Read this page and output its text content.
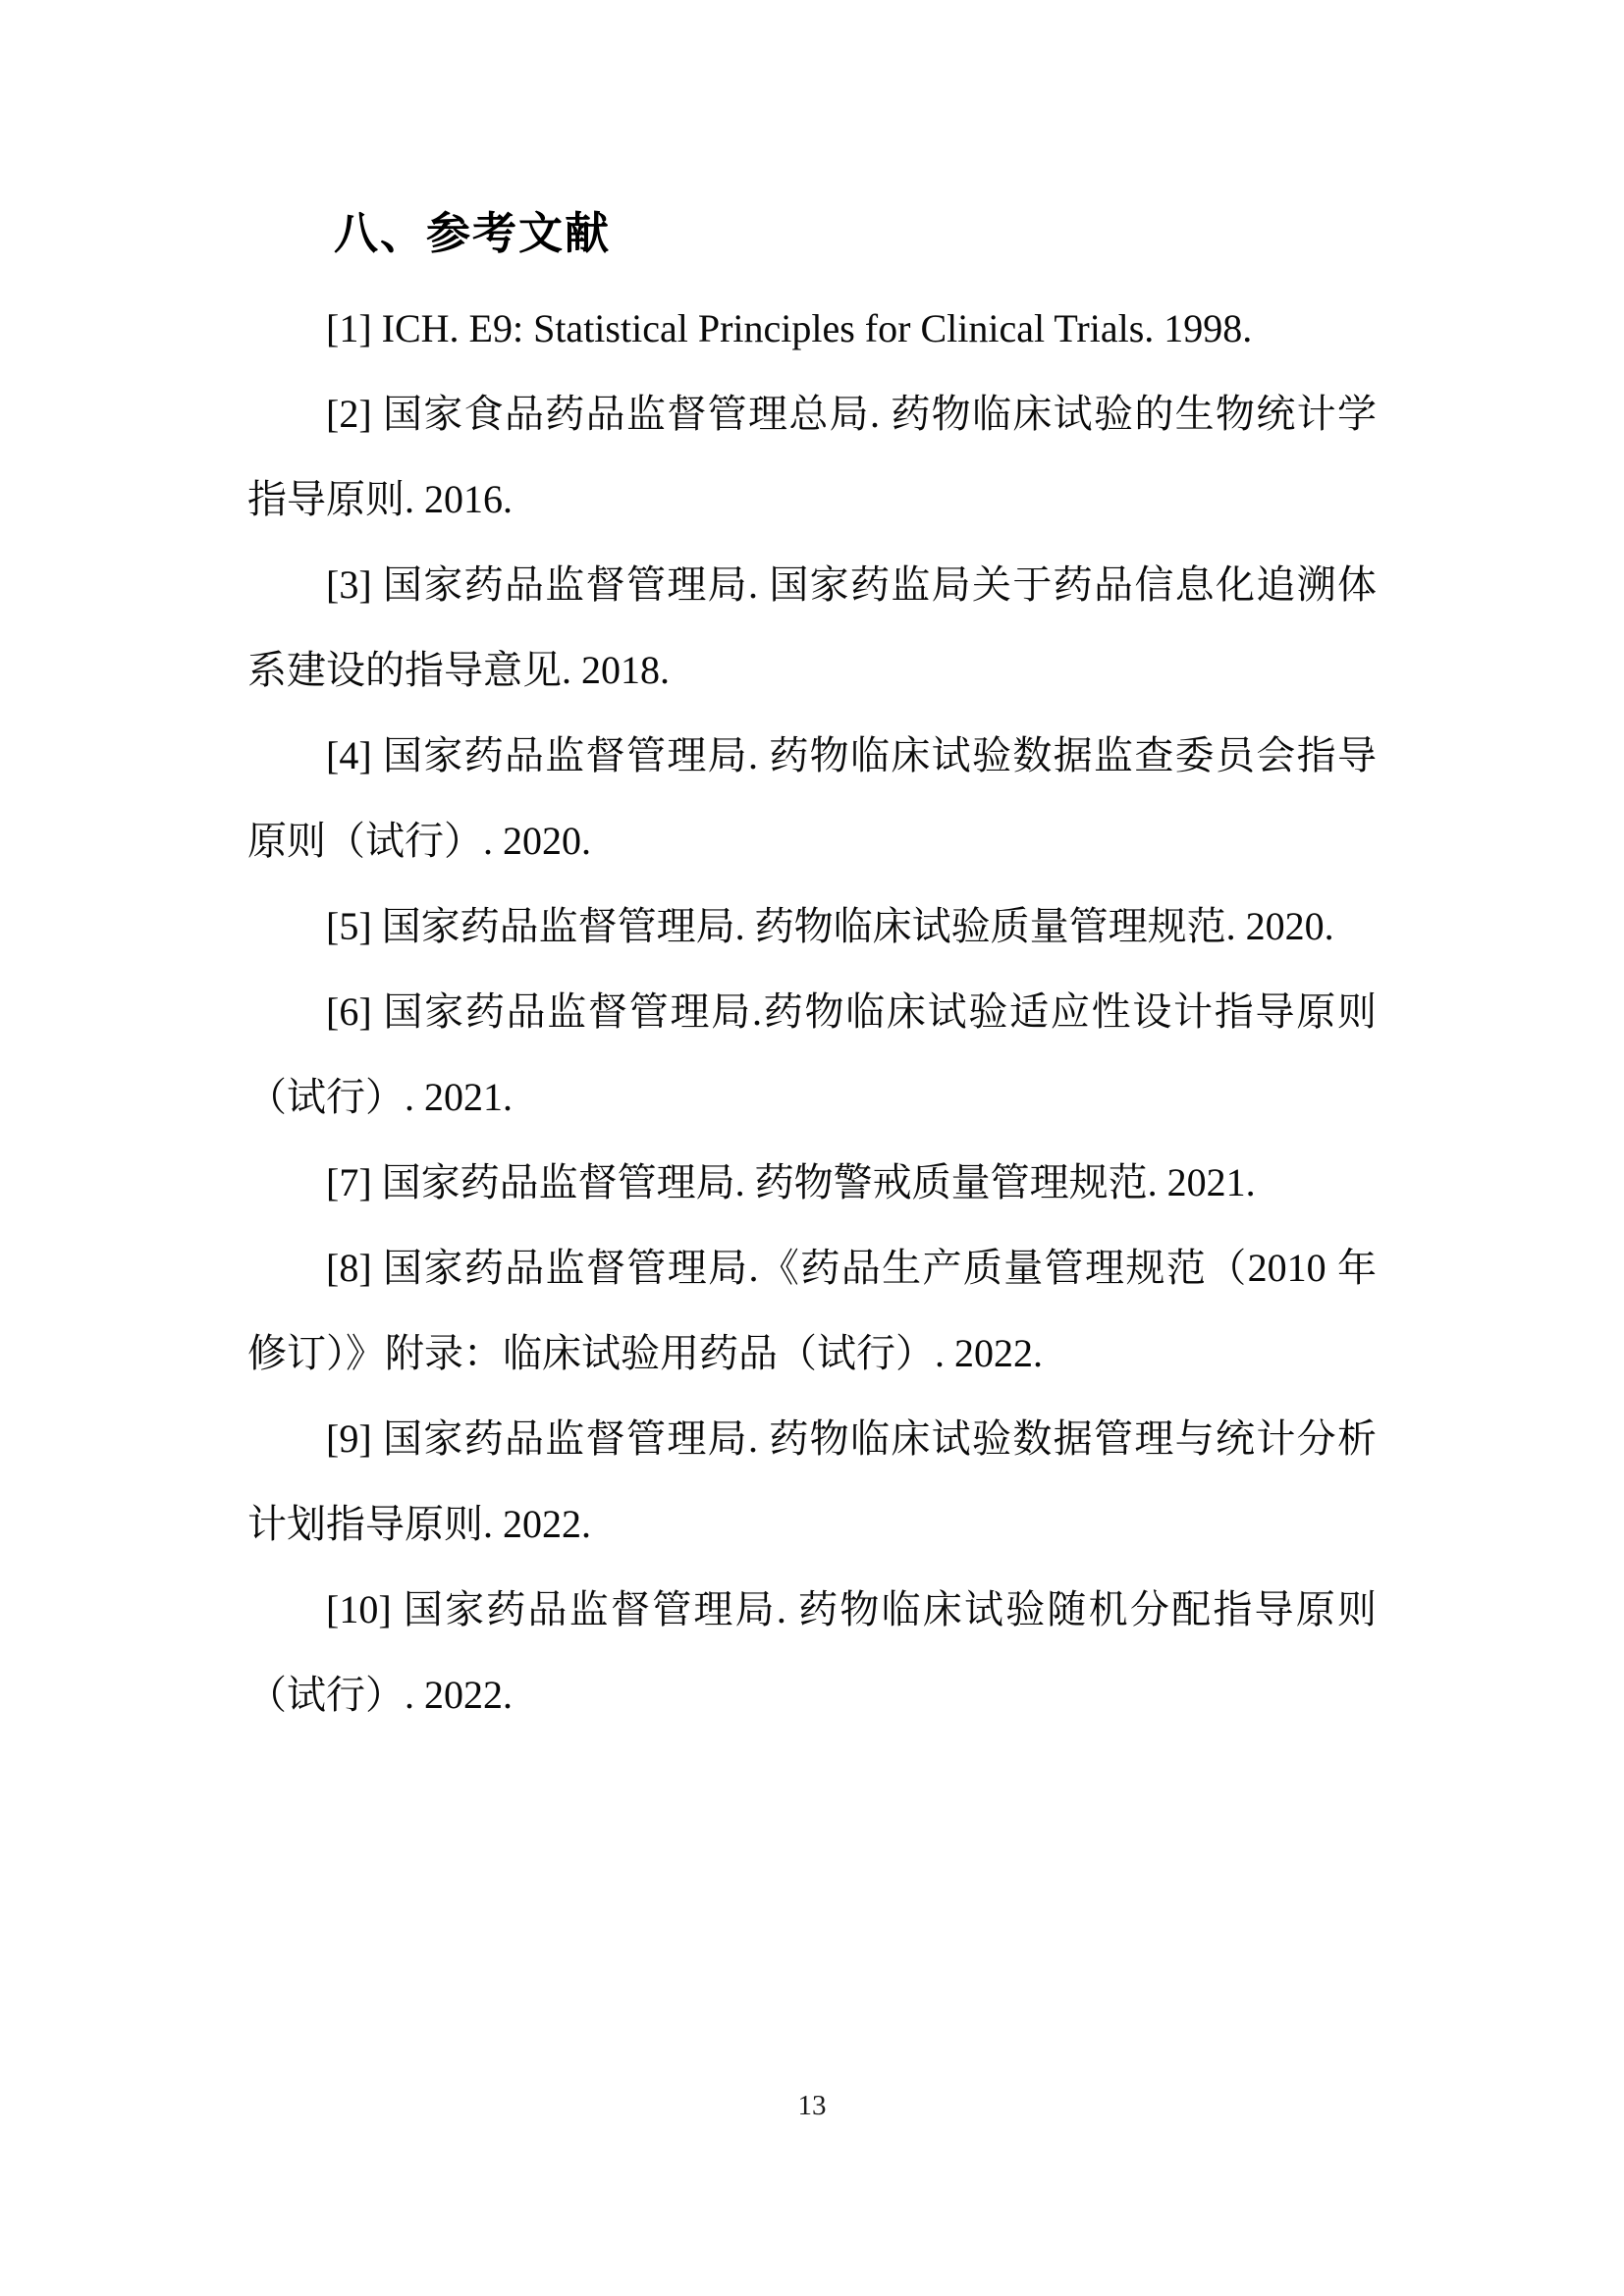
八、参考文献

[1] ICH. E9: Statistical Principles for Clinical Trials. 1998.

[2] 国家食品药品监督管理总局. 药物临床试验的生物统计学指导原则. 2016.

[3] 国家药品监督管理局. 国家药监局关于药品信息化追溯体系建设的指导意见. 2018.

[4] 国家药品监督管理局. 药物临床试验数据监查委员会指导原则（试行）. 2020.

[5] 国家药品监督管理局. 药物临床试验质量管理规范. 2020.

[6] 国家药品监督管理局.药物临床试验适应性设计指导原则（试行）. 2021.

[7] 国家药品监督管理局. 药物警戒质量管理规范. 2021.

[8] 国家药品监督管理局.《药品生产质量管理规范（2010 年修订）》附录：临床试验用药品（试行）. 2022.

[9] 国家药品监督管理局. 药物临床试验数据管理与统计分析计划指导原则. 2022.

[10] 国家药品监督管理局. 药物临床试验随机分配指导原则（试行）. 2022.

13
